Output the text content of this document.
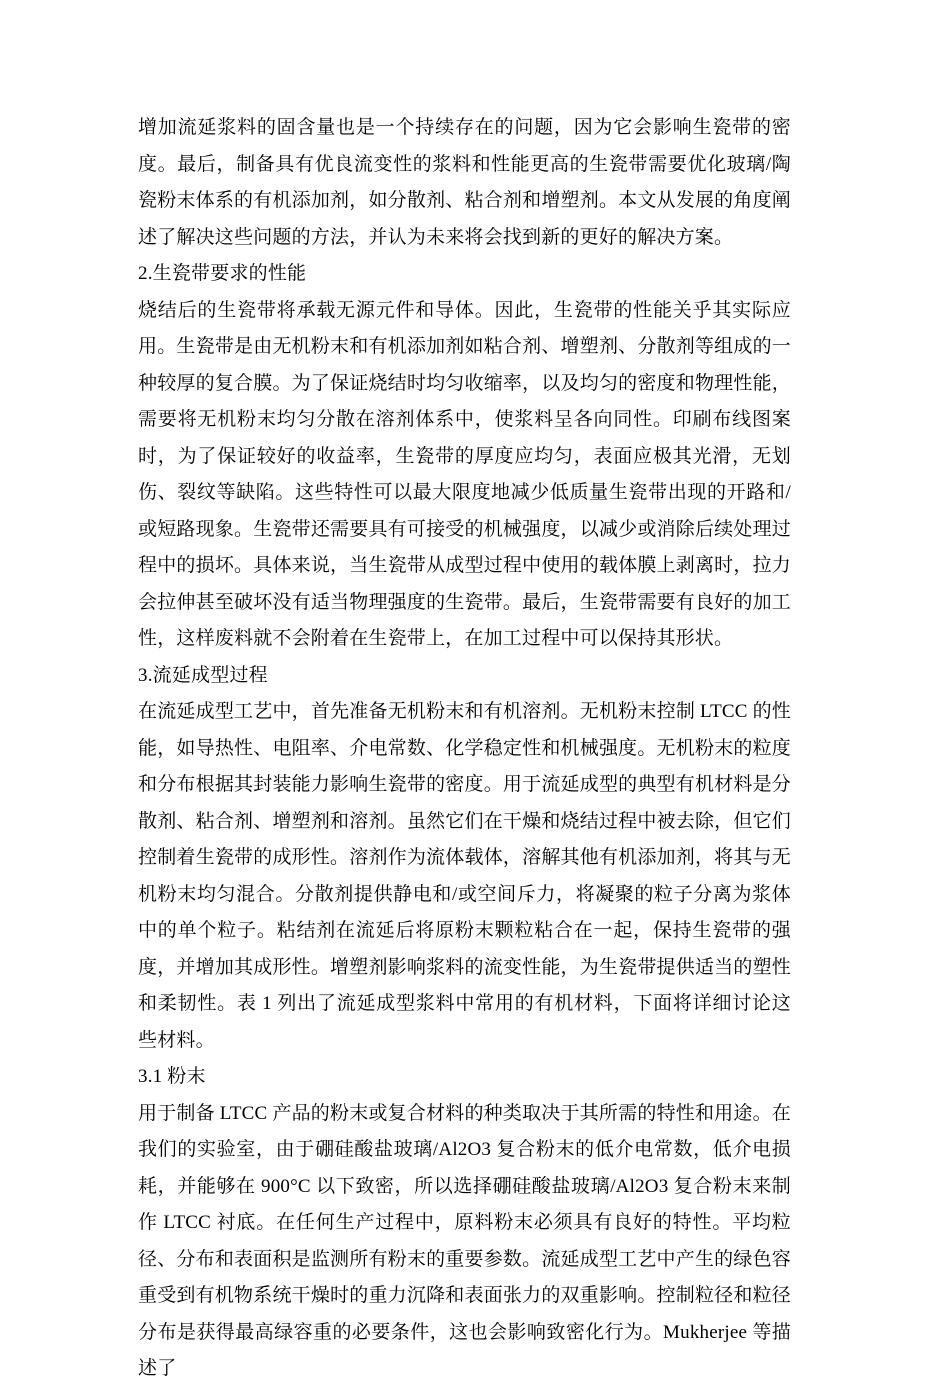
增加流延浆料的固含量也是一个持续存在的问题，因为它会影响生瓷带的密度。最后，制备具有优良流变性的浆料和性能更高的生瓷带需要优化玻璃/陶瓷粉末体系的有机添加剂，如分散剂、粘合剂和增塑剂。本文从发展的角度阐述了解决这些问题的方法，并认为未来将会找到新的更好的解决方案。

2.生瓷带要求的性能

烧结后的生瓷带将承载无源元件和导体。因此，生瓷带的性能关乎其实际应用。生瓷带是由无机粉末和有机添加剂如粘合剂、增塑剂、分散剂等组成的一种较厚的复合膜。为了保证烧结时均匀收缩率，以及均匀的密度和物理性能，需要将无机粉末均匀分散在溶剂体系中，使浆料呈各向同性。印刷布线图案时，为了保证较好的收益率，生瓷带的厚度应均匀，表面应极其光滑，无划伤、裂纹等缺陷。这些特性可以最大限度地减少低质量生瓷带出现的开路和/或短路现象。生瓷带还需要具有可接受的机械强度，以减少或消除后续处理过程中的损坏。具体来说，当生瓷带从成型过程中使用的载体膜上剥离时，拉力会拉伸甚至破坏没有适当物理强度的生瓷带。最后，生瓷带需要有良好的加工性，这样废料就不会附着在生瓷带上，在加工过程中可以保持其形状。

3.流延成型过程

在流延成型工艺中，首先准备无机粉末和有机溶剂。无机粉末控制 LTCC 的性能，如导热性、电阻率、介电常数、化学稳定性和机械强度。无机粉末的粒度和分布根据其封装能力影响生瓷带的密度。用于流延成型的典型有机材料是分散剂、粘合剂、增塑剂和溶剂。虽然它们在干燥和烧结过程中被去除，但它们控制着生瓷带的成形性。溶剂作为流体载体，溶解其他有机添加剂，将其与无机粉末均匀混合。分散剂提供静电和/或空间斥力，将凝聚的粒子分离为浆体中的单个粒子。粘结剂在流延后将原粉末颗粒粘合在一起，保持生瓷带的强度，并增加其成形性。增塑剂影响浆料的流变性能，为生瓷带提供适当的塑性和柔韧性。表 1 列出了流延成型浆料中常用的有机材料，下面将详细讨论这些材料。

3.1 粉末

用于制备 LTCC 产品的粉末或复合材料的种类取决于其所需的特性和用途。在我们的实验室，由于硼硅酸盐玻璃/Al2O3 复合粉末的低介电常数，低介电损耗，并能够在 900°C 以下致密，所以选择硼硅酸盐玻璃/Al2O3 复合粉末来制作 LTCC 衬底。在任何生产过程中，原料粉末必须具有良好的特性。平均粒径、分布和表面积是监测所有粉末的重要参数。流延成型工艺中产生的绿色容重受到有机物系统干燥时的重力沉降和表面张力的双重影响。控制粒径和粒径分布是获得最高绿容重的必要条件，这也会影响致密化行为。Mukherjee 等描述了
